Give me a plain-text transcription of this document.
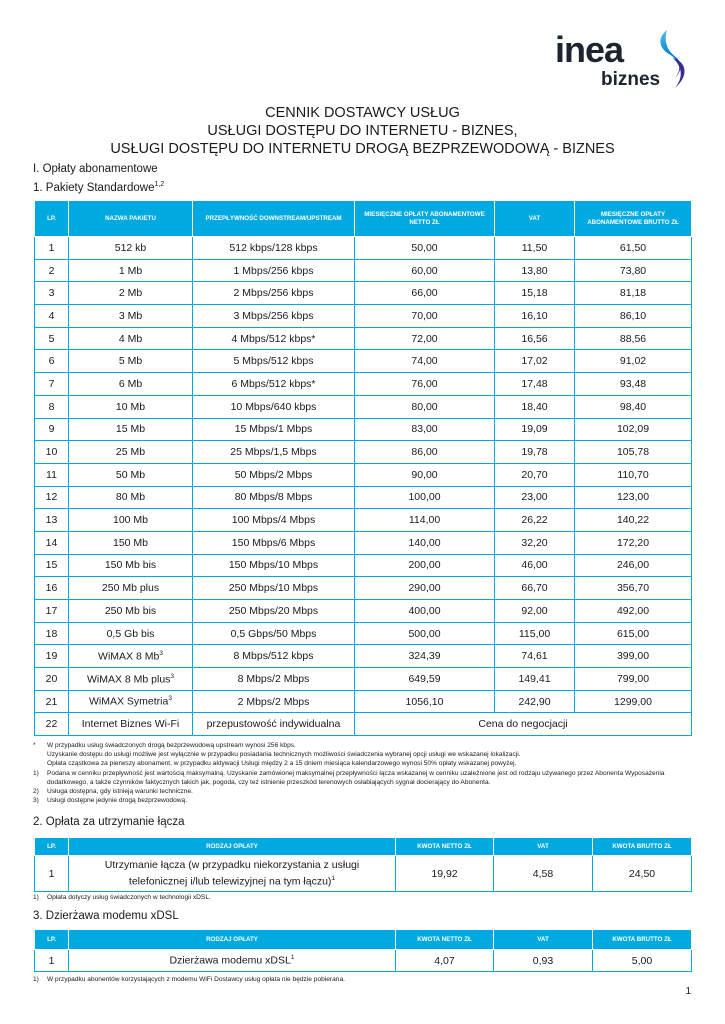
inea
biznes
CENNIK DOSTAWCY USŁUG
USŁUGI DOSTĘPU DO INTERNETU - BIZNES,
USŁUGI DOSTĘPU DO INTERNETU DROGĄ BEZPRZEWODOWĄ - BIZNES
I. Opłaty abonamentowe
1. Pakiety Standardowe$^{1,2}$
LP.	NAZWA PAKIETU	PRZEPŁYWNOŚĆ DOWNSTREAM/UPSTREAM	MIESIĘCZNE OPŁATY ABONAMENTOWE NETTO ZŁ	VAT	MIESIĘCZNE OPŁATY ABONAMENTOWE BRUTTO ZŁ
1	512 kb	512 kbps/128 kbps	50,00	11,50	61,50
2	1 Mb	1 Mbps/256 kbps	60,00	13,80	73,80
3	2 Mb	2 Mbps/256 kbps	66,00	15,18	81,18
4	3 Mb	3 Mbps/256 kbps	70,00	16,10	86,10
5	4 Mb	4 Mbps/512 kbps*	72,00	16,56	88,56
6	5 Mb	5 Mbps/512 kbps	74,00	17,02	91,02
7	6 Mb	6 Mbps/512 kbps*	76,00	17,48	93,48
8	10 Mb	10 Mbps/640 kbps	80,00	18,40	98,40
9	15 Mb	15 Mbps/1 Mbps	83,00	19,09	102,09
10	25 Mb	25 Mbps/1,5 Mbps	86,00	19,78	105,78
11	50 Mb	50 Mbps/2 Mbps	90,00	20,70	110,70
12	80 Mb	80 Mbps/8 Mbps	100,00	23,00	123,00
13	100 Mb	100 Mbps/4 Mbps	114,00	26,22	140,22
14	150 Mb	150 Mbps/6 Mbps	140,00	32,20	172,20
15	150 Mb bis	150 Mbps/10 Mbps	200,00	46,00	246,00
16	250 Mb plus	250 Mbps/10 Mbps	290,00	66,70	356,70
17	250 Mb bis	250 Mbps/20 Mbps	400,00	92,00	492,00
18	0,5 Gb bis	0,5 Gbps/50 Mbps	500,00	115,00	615,00
19	WiMAX 8 Mb$^3$	8 Mbps/512 kbps	324,39	74,61	399,00
20	WiMAX 8 Mb plus$^3$	8 Mbps/2 Mbps	649,59	149,41	799,00
21	WiMAX Symetria$^3$	2 Mbps/2 Mbps	1056,10	242,90	1299,00
22	Internet Biznes Wi-Fi	przepustowość indywidualna	Cena do negocjacji		
*	W przypadku usług świadczonych drogą bezprzewodową upstream wynosi 256 kbps.
Uzyskanie dostępu do usługi możliwe jest wyłącznie w przypadku posiadania technicznych możliwości świadczenia wybranej opcji usługi we wskazanej lokalizacji.
Opłata cząstkowa za pierwszy abonament, w przypadku aktywacji Usługi między 2 a 15 dniem miesiąca kalendarzowego wynosi 50% opłaty wskazanej powyżej.
1)	Podana w cenniku przepływność jest wartością maksymalną. Uzyskanie zamówionej maksymalnej przepływności łącza wskazanej w cenniku uzależnione jest od rodzaju używanego przez Abonenta Wyposażenia dodatkowego, a także czynników faktycznych takich jak, pogoda, czy też istnienie przeszkód terenowych osłabiających sygnał docierający do Abonenta.
2)	Usługa dostępna, gdy istnieją warunki techniczne.
3)	Usługi dostępne jedynie drogą bezprzewodową.
2. Opłata za utrzymanie łącza
LP.	RODZAJ OPŁATY	KWOTA NETTO ZŁ	VAT	KWOTA BRUTTO ZŁ
1	Utrzymanie łącza (w przypadku niekorzystania z usługi
telefonicznej i/lub telewizyjnej na tym łączu)$^1$	19,92	4,58	24,50
1)	Opłata dotyczy usług świadczonych w technologii xDSL.
3. Dzierżawa modemu xDSL
LP.	RODZAJ OPŁATY	KWOTA NETTO ZŁ	VAT	KWOTA BRUTTO ZŁ
1	Dzierżawa modemu xDSL$^1$	4,07	0,93	5,00
1)	W przypadku abonentów korzystających z modemu WiFi Dostawcy usług opłata nie będzie pobierana.
1
